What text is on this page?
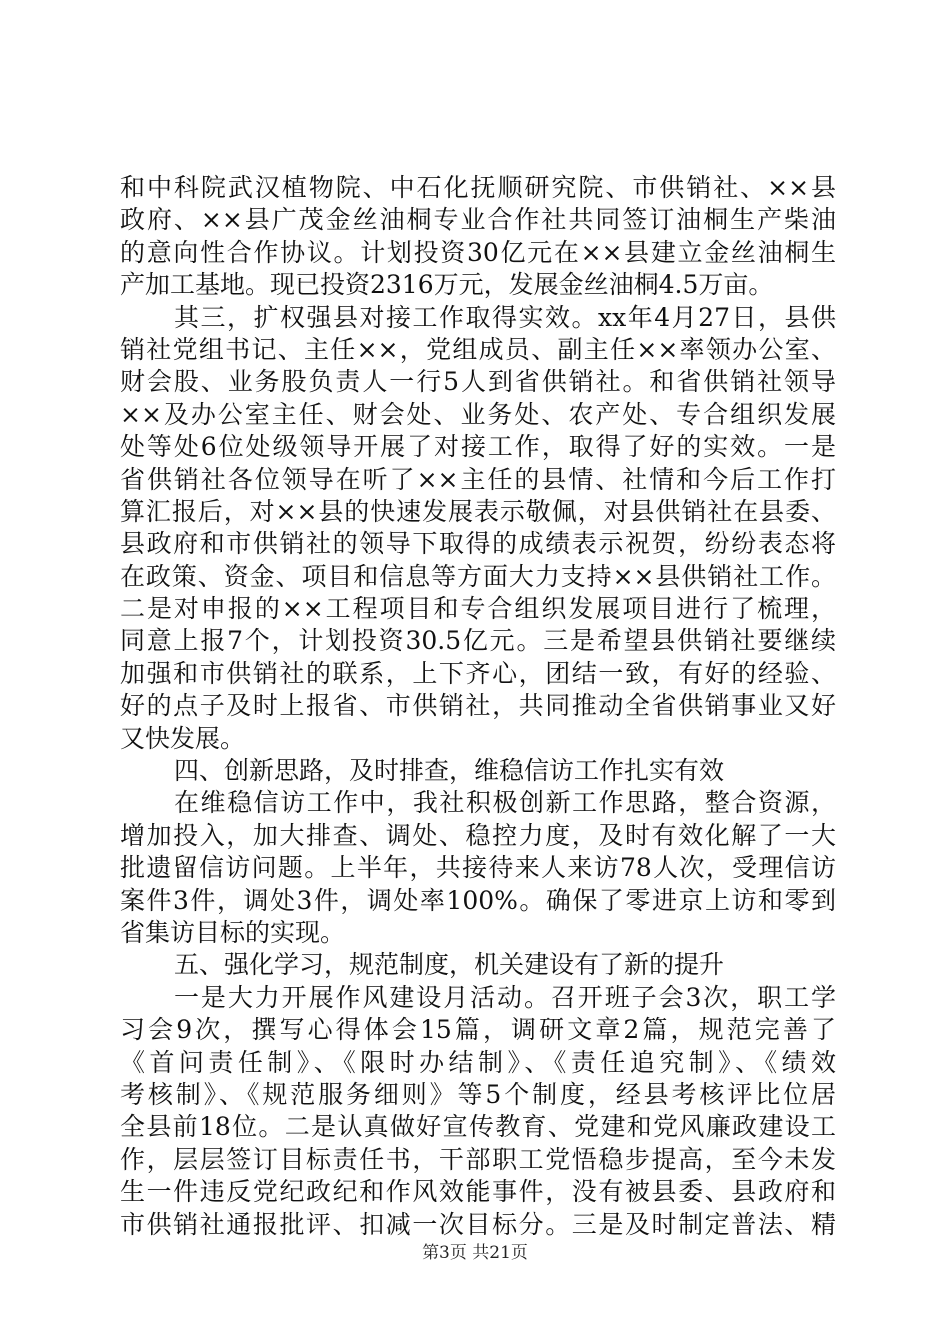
和中科院武汉植物院、中石化抚顺研究院、市供销社、××县
政府、××县广茂金丝油桐专业合作社共同签订油桐生产柴油
的意向性合作协议。计划投资30亿元在××县建立金丝油桐生
产加工基地。现已投资2316万元，发展金丝油桐4.5万亩。
其三，扩权强县对接工作取得实效。xx年4月27日，县供
销社党组书记、主任××，党组成员、副主任××率领办公室、
财会股、业务股负责人一行5人到省供销社。和省供销社领导
××及办公室主任、财会处、业务处、农产处、专合组织发展
处等处6位处级领导开展了对接工作，取得了好的实效。一是
省供销社各位领导在听了××主任的县情、社情和今后工作打
算汇报后，对××县的快速发展表示敬佩，对县供销社在县委、
县政府和市供销社的领导下取得的成绩表示祝贺，纷纷表态将
在政策、资金、项目和信息等方面大力支持××县供销社工作。
二是对申报的××工程项目和专合组织发展项目进行了梳理，
同意上报7个，计划投资30.5亿元。三是希望县供销社要继续
加强和市供销社的联系，上下齐心，团结一致，有好的经验、
好的点子及时上报省、市供销社，共同推动全省供销事业又好
又快发展。
四、创新思路，及时排查，维稳信访工作扎实有效
在维稳信访工作中，我社积极创新工作思路，整合资源，
增加投入，加大排查、调处、稳控力度，及时有效化解了一大
批遗留信访问题。上半年，共接待来人来访78人次，受理信访
案件3件，调处3件，调处率100%。确保了零进京上访和零到
省集访目标的实现。
五、强化学习，规范制度，机关建设有了新的提升
一是大力开展作风建设月活动。召开班子会3次，职工学
习会9次，撰写心得体会15篇，调研文章2篇，规范完善了
《首问责任制》、《限时办结制》、《责任追究制》、《绩效
考核制》、《规范服务细则》等5个制度，经县考核评比位居
全县前18位。二是认真做好宣传教育、党建和党风廉政建设工
作，层层签订目标责任书，干部职工党悟稳步提高，至今未发
生一件违反党纪政纪和作风效能事件，没有被县委、县政府和
市供销社通报批评、扣减一次目标分。三是及时制定普法、精
第3页 共21页
